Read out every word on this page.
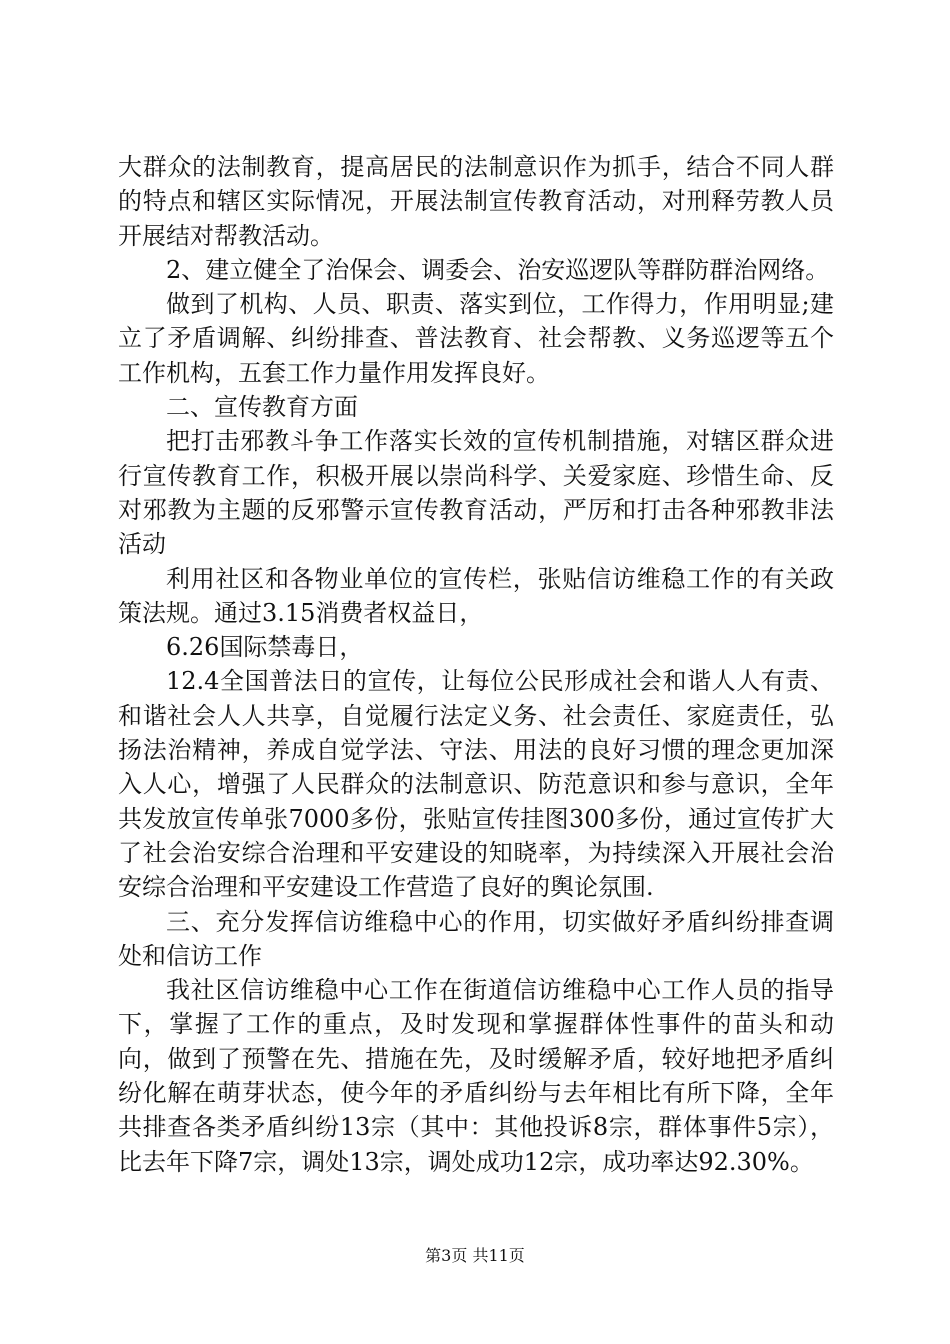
大群众的法制教育，提高居民的法制意识作为抓手，结合不同人群的特点和辖区实际情况，开展法制宣传教育活动，对刑释劳教人员开展结对帮教活动。

2、建立健全了治保会、调委会、治安巡逻队等群防群治网络。

做到了机构、人员、职责、落实到位，工作得力，作用明显;建立了矛盾调解、纠纷排查、普法教育、社会帮教、义务巡逻等五个工作机构，五套工作力量作用发挥良好。

二、宣传教育方面

把打击邪教斗争工作落实长效的宣传机制措施，对辖区群众进行宣传教育工作，积极开展以崇尚科学、关爱家庭、珍惜生命、反对邪教为主题的反邪警示宣传教育活动，严厉和打击各种邪教非法活动

利用社区和各物业单位的宣传栏，张贴信访维稳工作的有关政策法规。通过3.15消费者权益日，

6.26国际禁毒日，

12.4全国普法日的宣传，让每位公民形成社会和谐人人有责、和谐社会人人共享，自觉履行法定义务、社会责任、家庭责任，弘扬法治精神，养成自觉学法、守法、用法的良好习惯的理念更加深入人心，增强了人民群众的法制意识、防范意识和参与意识，全年共发放宣传单张7000多份，张贴宣传挂图300多份，通过宣传扩大了社会治安综合治理和平安建设的知晓率，为持续深入开展社会治安综合治理和平安建设工作营造了良好的舆论氛围.

三、充分发挥信访维稳中心的作用，切实做好矛盾纠纷排查调处和信访工作

我社区信访维稳中心工作在街道信访维稳中心工作人员的指导下，掌握了工作的重点，及时发现和掌握群体性事件的苗头和动向，做到了预警在先、措施在先，及时缓解矛盾，较好地把矛盾纠纷化解在萌芽状态，使今年的矛盾纠纷与去年相比有所下降，全年共排查各类矛盾纠纷13宗（其中：其他投诉8宗，群体事件5宗），比去年下降7宗，调处13宗，调处成功12宗，成功率达92.30%。

第3页 共11页
